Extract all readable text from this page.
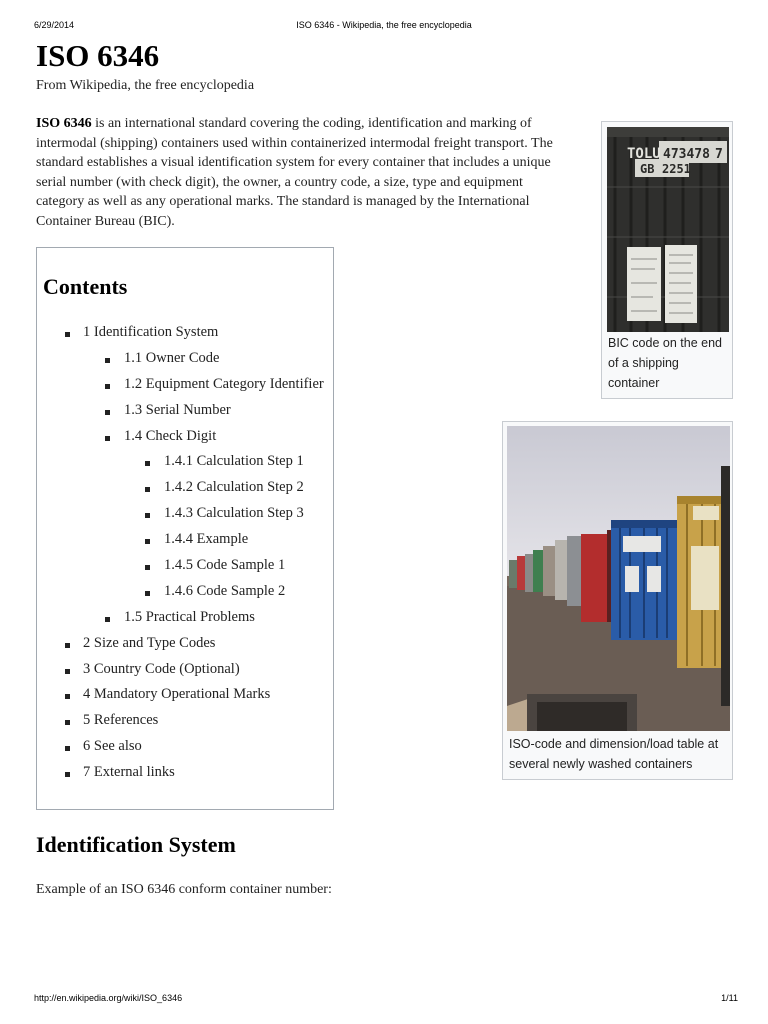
6/29/2014	ISO 6346 - Wikipedia, the free encyclopedia
ISO 6346
From Wikipedia, the free encyclopedia

ISO 6346 is an international standard covering the coding, identification and marking of intermodal (shipping) containers used within containerized intermodal freight transport. The standard establishes a visual identification system for every container that includes a unique serial number (with check digit), the owner, a country code, a size, type and equipment category as well as any operational marks. The standard is managed by the International Container Bureau (BIC).

Contents
1 Identification System
1.1 Owner Code
1.2 Equipment Category Identifier
1.3 Serial Number
1.4 Check Digit
1.4.1 Calculation Step 1
1.4.2 Calculation Step 2
1.4.3 Calculation Step 3
1.4.4 Example
1.4.5 Code Sample 1
1.4.6 Code Sample 2
1.5 Practical Problems
2 Size and Type Codes
3 Country Code (Optional)
4 Mandatory Operational Marks
5 References
6 See also
7 External links
TOLU 473478 7
GB 2251
BIC code on the end of a shipping container
ISO-code and dimension/load table at several newly washed containers
Identification System
Example of an ISO 6346 conform container number:
http://en.wikipedia.org/wiki/ISO_6346	1/11
